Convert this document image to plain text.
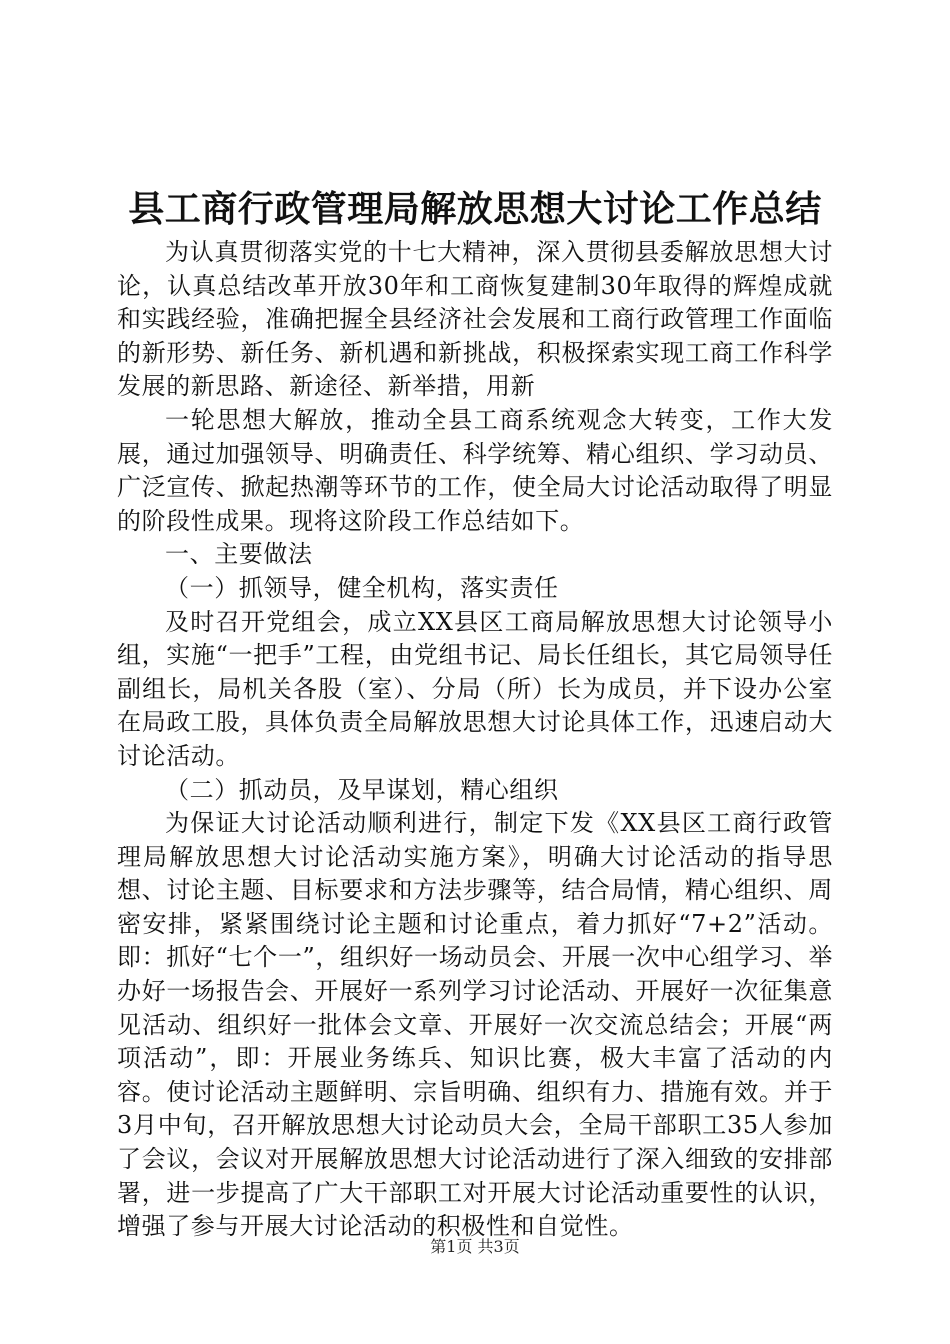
县工商行政管理局解放思想大讨论工作总结

为认真贯彻落实党的十七大精神，深入贯彻县委解放思想大讨论，认真总结改革开放30年和工商恢复建制30年取得的辉煌成就和实践经验，准确把握全县经济社会发展和工商行政管理工作面临的新形势、新任务、新机遇和新挑战，积极探索实现工商工作科学发展的新思路、新途径、新举措，用新

一轮思想大解放，推动全县工商系统观念大转变，工作大发展，通过加强领导、明确责任、科学统筹、精心组织、学习动员、广泛宣传、掀起热潮等环节的工作，使全局大讨论活动取得了明显的阶段性成果。现将这阶段工作总结如下。

一、主要做法

（一）抓领导，健全机构，落实责任

及时召开党组会，成立XX县区工商局解放思想大讨论领导小组，实施“一把手”工程，由党组书记、局长任组长，其它局领导任副组长，局机关各股（室）、分局（所）长为成员，并下设办公室在局政工股，具体负责全局解放思想大讨论具体工作，迅速启动大讨论活动。

（二）抓动员，及早谋划，精心组织

为保证大讨论活动顺利进行，制定下发《XX县区工商行政管理局解放思想大讨论活动实施方案》，明确大讨论活动的指导思想、讨论主题、目标要求和方法步骤等，结合局情，精心组织、周密安排，紧紧围绕讨论主题和讨论重点，着力抓好“7+2”活动。即：抓好“七个一”，组织好一场动员会、开展一次中心组学习、举办好一场报告会、开展好一系列学习讨论活动、开展好一次征集意见活动、组织好一批体会文章、开展好一次交流总结会；开展“两项活动”，即：开展业务练兵、知识比赛，极大丰富了活动的内容。使讨论活动主题鲜明、宗旨明确、组织有力、措施有效。并于3月中旬，召开解放思想大讨论动员大会，全局干部职工35人参加了会议，会议对开展解放思想大讨论活动进行了深入细致的安排部署，进一步提高了广大干部职工对开展大讨论活动重要性的认识，增强了参与开展大讨论活动的积极性和自觉性。

第1页 共3页
